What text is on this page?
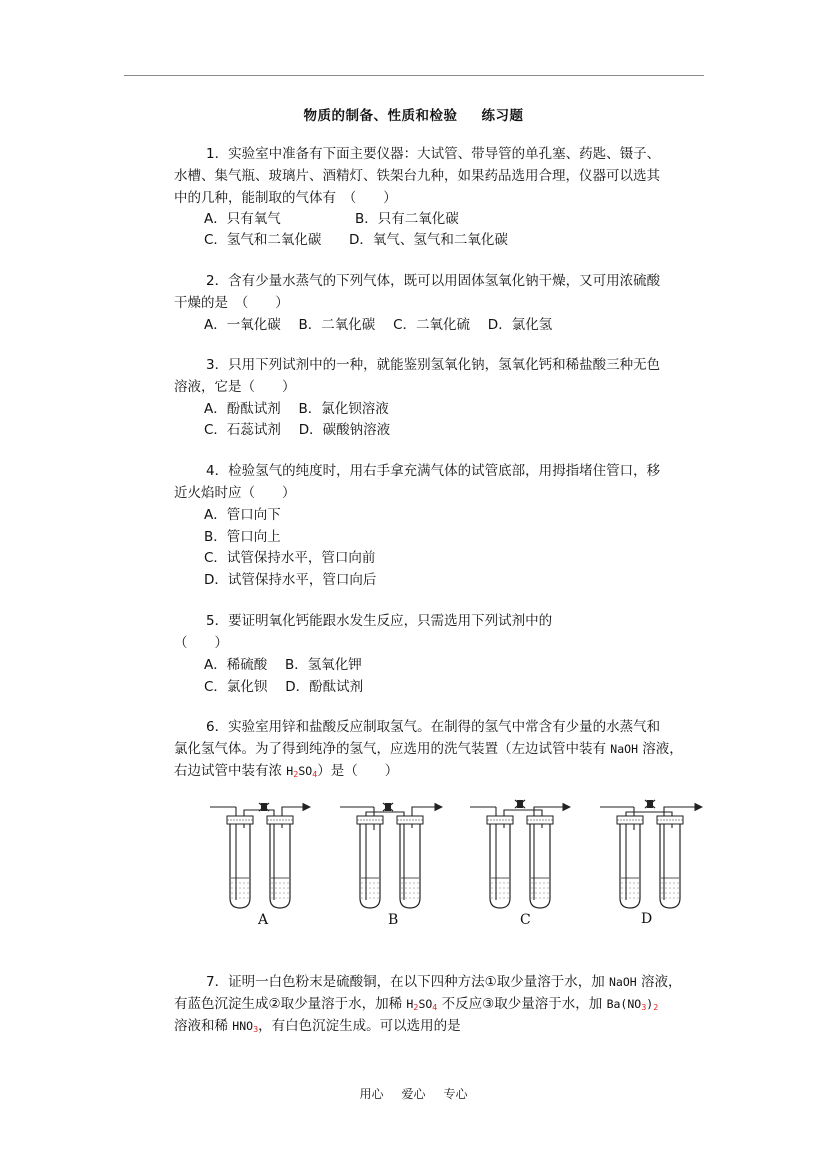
物质的制备、性质和检验 练习题
1．实验室中准备有下面主要仪器：大试管、带导管的单孔塞、药匙、镊子、
水槽、集气瓶、玻璃片、酒精灯、铁架台九种，如果药品选用合理，仪器可以选其
中的几种，能制取的气体有　（　　）
A．只有氧气	B．只有二氧化碳
C．氢气和二氧化碳 D．氧气、氢气和二氧化碳
2．含有少量水蒸气的下列气体，既可以用固体氢氧化钠干燥，又可用浓硫酸
干燥的是　（　　）
A．一氧化碳　 B．二氧化碳　 C．二氧化硫　 D．氯化氢
3．只用下列试剂中的一种，就能鉴别氢氧化钠，氢氧化钙和稀盐酸三种无色
溶液，它是（　　）
A．酚酞试剂　 B．氯化钡溶液
C．石蕊试剂　 D．碳酸钠溶液
4．检验氢气的纯度时，用右手拿充满气体的试管底部，用拇指堵住管口，移
近火焰时应（　　）
A．管口向下
B．管口向上
C．试管保持水平，管口向前
D．试管保持水平，管口向后
5．要证明氧化钙能跟水发生反应，只需选用下列试剂中的
（　　）
A．稀硫酸　 B．氢氧化钾
C．氯化钡　 D．酚酞试剂
6．实验室用锌和盐酸反应制取氢气。在制得的氢气中常含有少量的水蒸气和
氯化氢气体。为了得到纯净的氢气，应选用的洗气装置（左边试管中装有 NaOH 溶液，
右边试管中装有浓 $H_2SO_4$）是（　　）
A	B	C	D
7．证明一白色粉末是硫酸铜，在以下四种方法①取少量溶于水，加 NaOH 溶液，
有蓝色沉淀生成②取少量溶于水，加稀 $H_2SO_4$ 不反应③取少量溶于水，加 $Ba(NO_3)_2$
溶液和稀 $HNO_3$，有白色沉淀生成。可以选用的是
用心 爱心 专心
